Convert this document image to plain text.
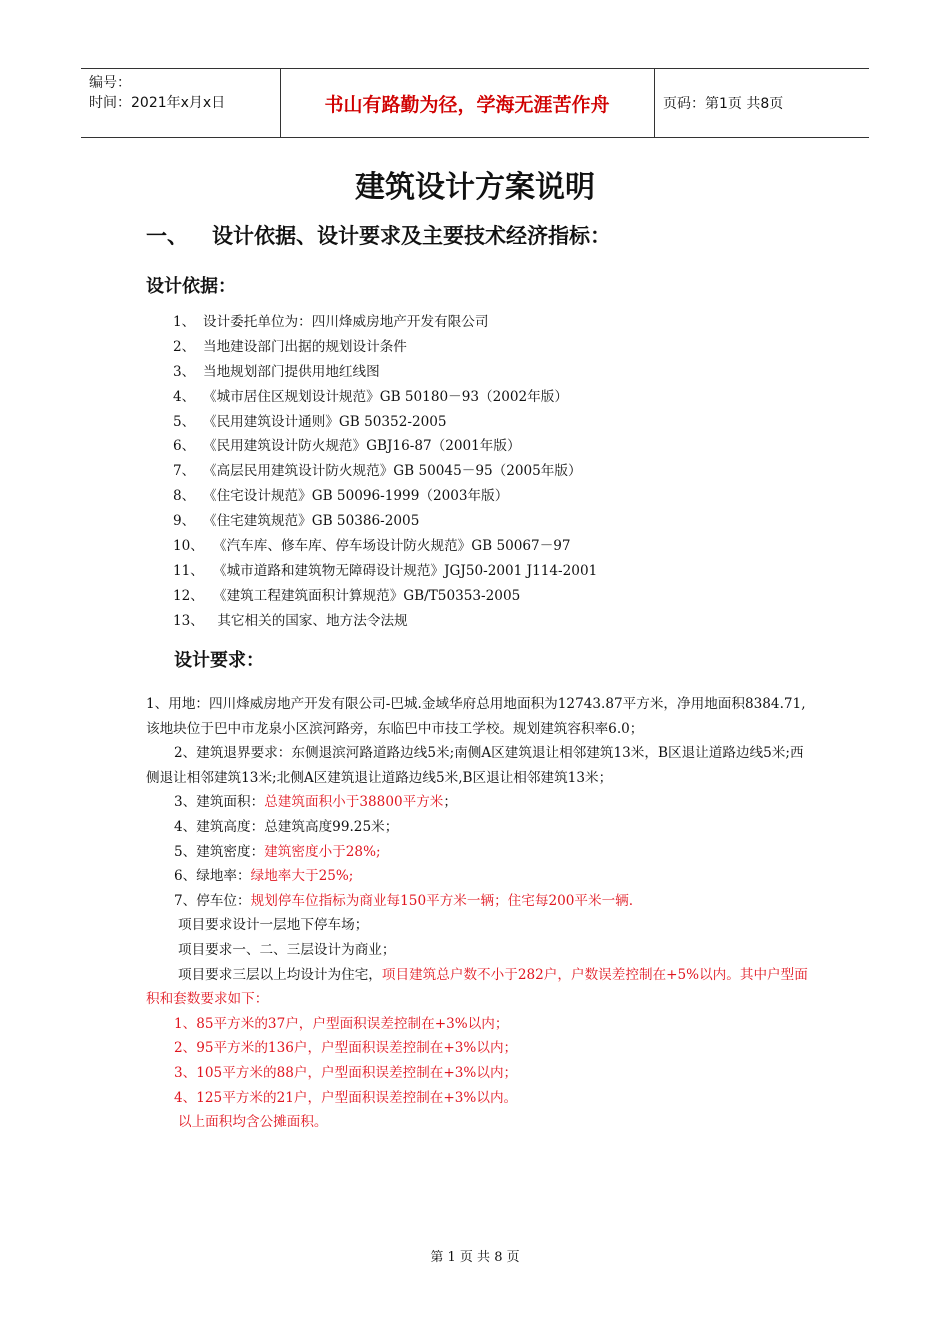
编号：
时间：2021年x月x日	书山有路勤为径，学海无涯苦作舟	页码：第1页 共8页
建筑设计方案说明
一、 设计依据、设计要求及主要技术经济指标：
设计依据：
1、 设计委托单位为：四川烽威房地产开发有限公司
2、 当地建设部门出据的规划设计条件
3、 当地规划部门提供用地红线图
4、 《城市居住区规划设计规范》GB 50180－93（2002年版）
5、 《民用建筑设计通则》GB 50352-2005
6、 《民用建筑设计防火规范》GBJ16-87（2001年版）
7、 《高层民用建筑设计防火规范》GB 50045－95（2005年版）
8、 《住宅设计规范》GB 50096-1999（2003年版）
9、 《住宅建筑规范》GB 50386-2005
10、 《汽车库、修车库、停车场设计防火规范》GB 50067－97
11、 《城市道路和建筑物无障碍设计规范》JGJ50-2001 J114-2001
12、 《建筑工程建筑面积计算规范》GB/T50353-2005
13、 其它相关的国家、地方法令法规
设计要求：

1、用地：四川烽威房地产开发有限公司-巴城.金域华府总用地面积为12743.87平方米，净用地面积8384.71, 该地块位于巴中市龙泉小区滨河路旁，东临巴中市技工学校。规划建筑容积率6.0；

2、建筑退界要求：东侧退滨河路道路边线5米;南侧A区建筑退让相邻建筑13米，B区退让道路边线5米;西侧退让相邻建筑13米;北侧A区建筑退让道路边线5米,B区退让相邻建筑13米；

3、建筑面积：总建筑面积小于38800平方米；

4、建筑高度：总建筑高度99.25米；

5、建筑密度：建筑密度小于28%;

6、绿地率：绿地率大于25%;

7、停车位：规划停车位指标为商业每150平方米一辆；住宅每200平米一辆.

项目要求设计一层地下停车场；

项目要求一、二、三层设计为商业；

项目要求三层以上均设计为住宅，项目建筑总户数不小于282户，户数误差控制在+5%以内。其中户型面积和套数要求如下：

1、85平方米的37户，户型面积误差控制在+3%以内；

2、95平方米的136户，户型面积误差控制在+3%以内；

3、105平方米的88户，户型面积误差控制在+3%以内；

4、125平方米的21户，户型面积误差控制在+3%以内。

以上面积均含公摊面积。

第 1 页 共 8 页
